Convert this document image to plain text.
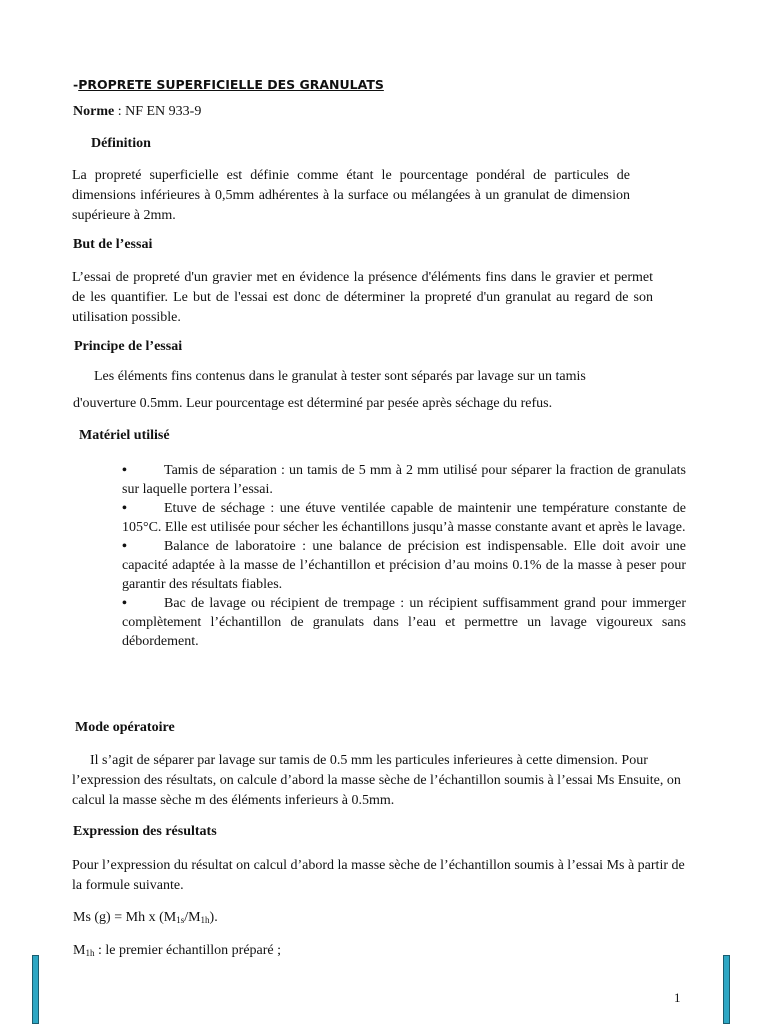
-PROPRETE SUPERFICIELLE DES GRANULATS
Norme : NF EN 933-9
Définition
La propreté superficielle est définie comme étant le pourcentage pondéral de particules de dimensions inférieures à 0,5mm adhérentes à la surface ou mélangées à un granulat de dimension supérieure à 2mm.
But de l’essai
L’essai de propreté d'un gravier met en évidence la présence d'éléments fins dans le gravier et permet de les quantifier. Le but de l'essai est donc de déterminer la propreté d'un granulat au regard de son utilisation possible.
Principe de l’essai
Les éléments fins contenus dans le granulat à tester sont séparés par lavage sur un tamis
d'ouverture 0.5mm. Leur pourcentage est déterminé par pesée après séchage du refus.
Matériel utilisé

•	Tamis de séparation : un tamis de 5 mm à 2 mm utilisé pour séparer la fraction de granulats sur laquelle portera l’essai.

•	Etuve de séchage : une étuve ventilée capable de maintenir une température constante de 105°C. Elle est utilisée pour sécher les échantillons jusqu’à masse constante avant et après le lavage.

•	Balance de laboratoire : une balance de précision est indispensable. Elle doit avoir une capacité adaptée à la masse de l’échantillon et précision d’au moins 0.1% de la masse à peser pour garantir des résultats fiables.

•	Bac de lavage ou récipient de trempage : un récipient suffisamment grand pour immerger complètement l’échantillon de granulats dans l’eau et permettre un lavage vigoureux sans débordement.

Mode opératoire
Il s’agit de séparer par lavage sur tamis de 0.5 mm les particules inferieures à cette dimension. Pour l’expression des résultats, on calcule d’abord la masse sèche de l’échantillon soumis à l’essai Ms Ensuite, on calcul la masse sèche m des éléments inferieurs à 0.5mm.
Expression des résultats
Pour l’expression du résultat on calcul d’abord la masse sèche de l’échantillon soumis à l’essai Ms à partir de la formule suivante.
Ms (g) = Mh x $(M_{1s}/M_{1h})$.
$M_{1h}$ : le premier échantillon préparé ;
1
